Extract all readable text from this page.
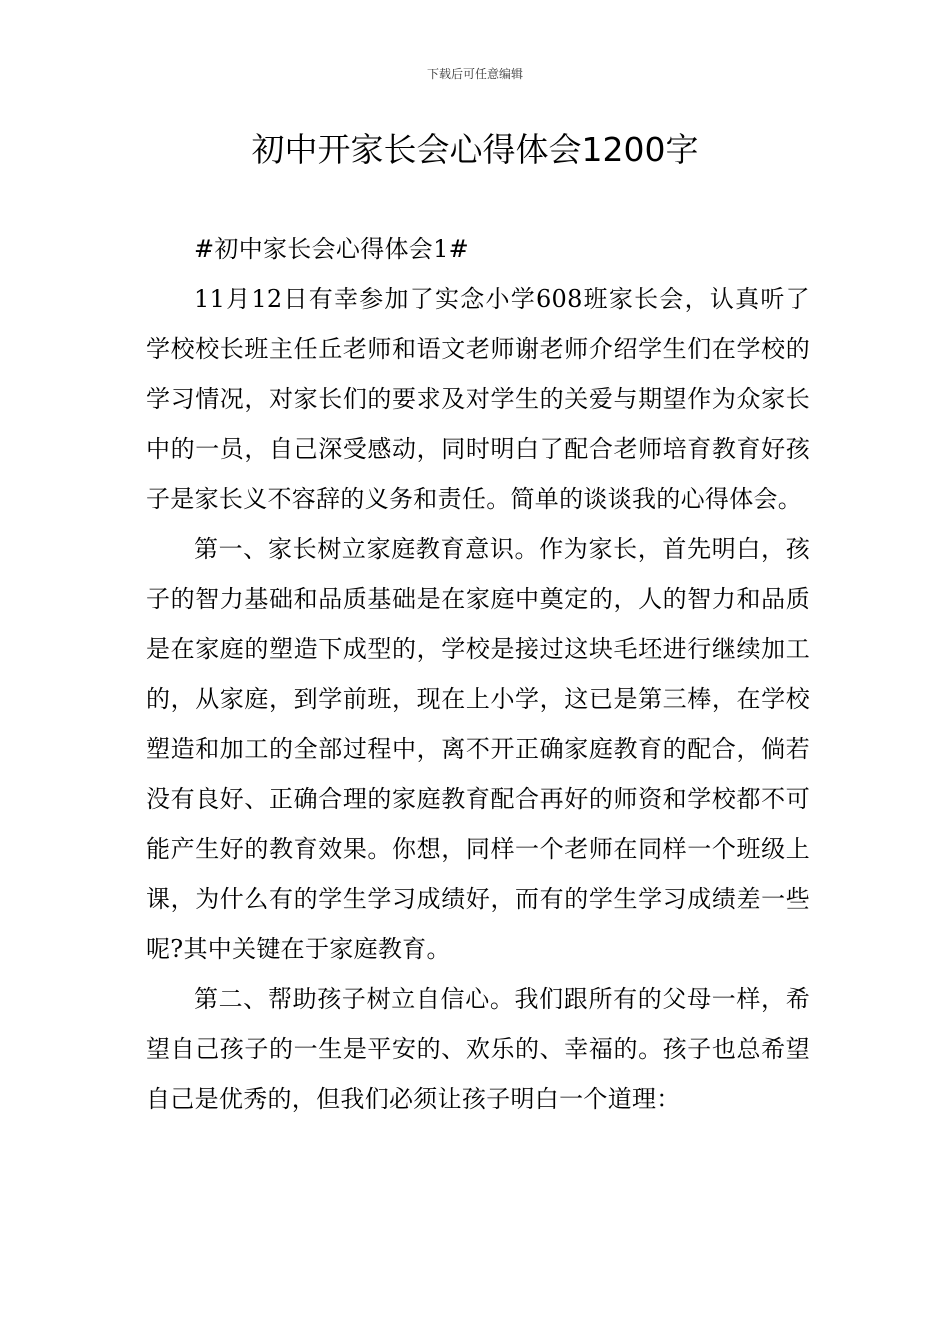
下载后可任意编辑
初中开家长会心得体会1200字

#初中家长会心得体会1#

11月12日有幸参加了实念小学608班家长会，认真听了学校校长班主任丘老师和语文老师谢老师介绍学生们在学校的学习情况，对家长们的要求及对学生的关爱与期望作为众家长中的一员，自己深受感动，同时明白了配合老师培育教育好孩子是家长义不容辞的义务和责任。简单的谈谈我的心得体会。

第一、家长树立家庭教育意识。作为家长，首先明白，孩子的智力基础和品质基础是在家庭中奠定的，人的智力和品质是在家庭的塑造下成型的，学校是接过这块毛坯进行继续加工的，从家庭，到学前班，现在上小学，这已是第三棒，在学校塑造和加工的全部过程中，离不开正确家庭教育的配合，倘若没有良好、正确合理的家庭教育配合再好的师资和学校都不可能产生好的教育效果。你想，同样一个老师在同样一个班级上课，为什么有的学生学习成绩好，而有的学生学习成绩差一些呢?其中关键在于家庭教育。

第二、帮助孩子树立自信心。我们跟所有的父母一样，希望自己孩子的一生是平安的、欢乐的、幸福的。孩子也总希望自己是优秀的，但我们必须让孩子明白一个道理：
